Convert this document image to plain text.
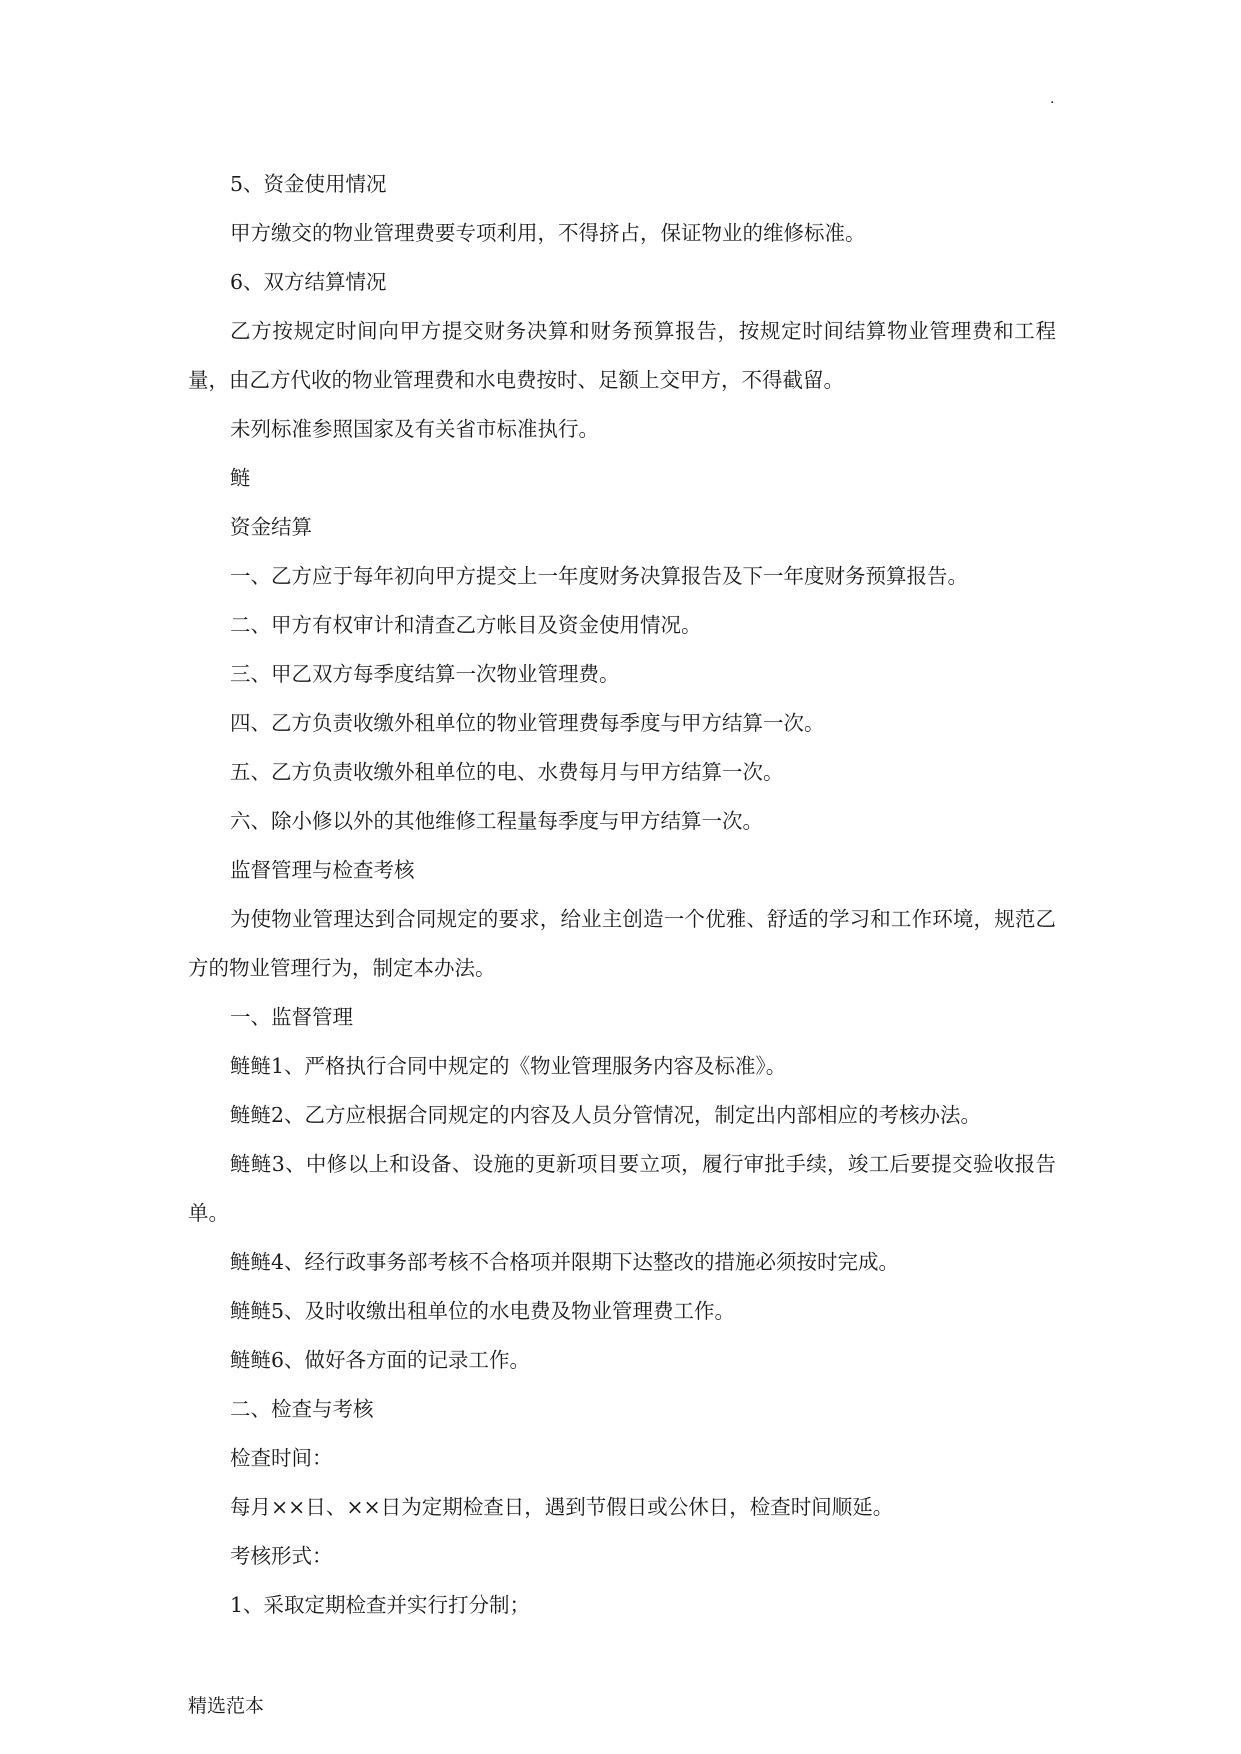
.

5、资金使用情况

甲方缴交的物业管理费要专项利用，不得挤占，保证物业的维修标准。

6、双方结算情况

乙方按规定时间向甲方提交财务决算和财务预算报告，按规定时间结算物业管理费和工程量，由乙方代收的物业管理费和水电费按时、足额上交甲方，不得截留。

未列标准参照国家及有关省市标准执行。

鲢

资金结算

一、乙方应于每年初向甲方提交上一年度财务决算报告及下一年度财务预算报告。

二、甲方有权审计和清查乙方帐目及资金使用情况。

三、甲乙双方每季度结算一次物业管理费。

四、乙方负责收缴外租单位的物业管理费每季度与甲方结算一次。

五、乙方负责收缴外租单位的电、水费每月与甲方结算一次。

六、除小修以外的其他维修工程量每季度与甲方结算一次。

监督管理与检查考核

为使物业管理达到合同规定的要求，给业主创造一个优雅、舒适的学习和工作环境，规范乙方的物业管理行为，制定本办法。

一、监督管理

鲢鲢1、严格执行合同中规定的《物业管理服务内容及标准》。

鲢鲢2、乙方应根据合同规定的内容及人员分管情况，制定出内部相应的考核办法。

鲢鲢3、中修以上和设备、设施的更新项目要立项，履行审批手续，竣工后要提交验收报告单。

鲢鲢4、经行政事务部考核不合格项并限期下达整改的措施必须按时完成。

鲢鲢5、及时收缴出租单位的水电费及物业管理费工作。

鲢鲢6、做好各方面的记录工作。

二、检查与考核

检查时间：

每月××日、××日为定期检查日，遇到节假日或公休日，检查时间顺延。

考核形式：

1、采取定期检查并实行打分制；

精选范本
